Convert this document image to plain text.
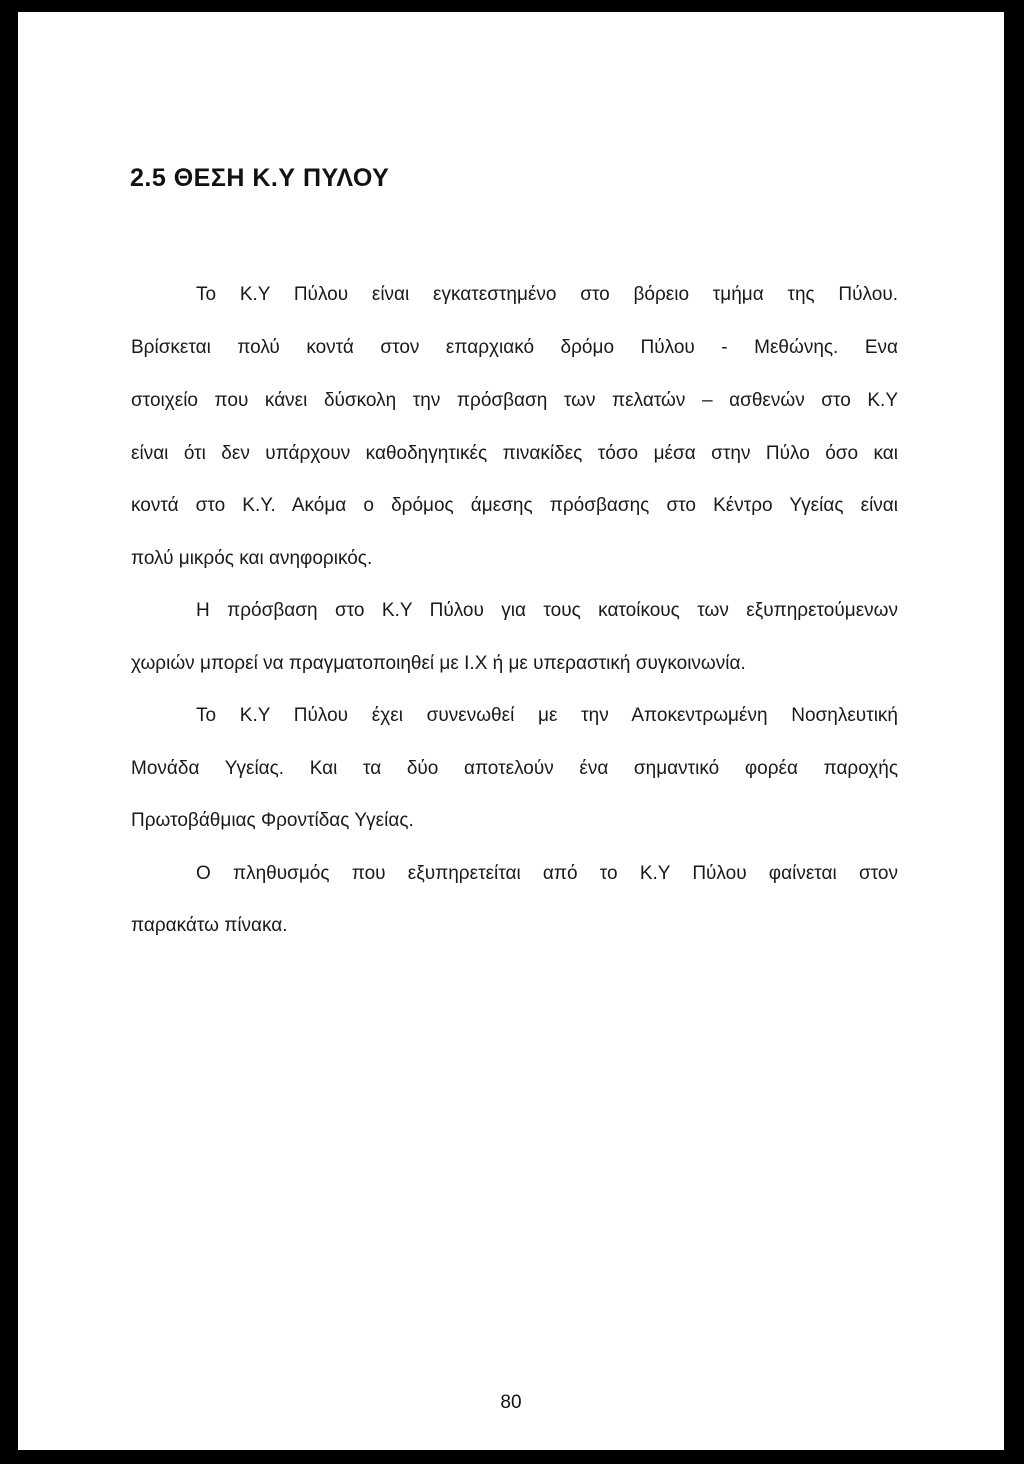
2.5 ΘΕΣΗ Κ.Υ ΠΥΛΟΥ
Το Κ.Υ Πύλου είναι εγκατεστημένο στο βόρειο τμήμα της Πύλου.
Βρίσκεται πολύ κοντά στον επαρχιακό δρόμο Πύλου - Μεθώνης. Ενα
στοιχείο που κάνει δύσκολη την πρόσβαση των πελατών – ασθενών στο Κ.Υ
είναι ότι δεν υπάρχουν καθοδηγητικές πινακίδες τόσο μέσα στην Πύλο όσο και
κοντά στο Κ.Υ. Ακόμα ο δρόμος άμεσης πρόσβασης στο Κέντρο Υγείας είναι
πολύ μικρός και ανηφορικός.
Η πρόσβαση στο Κ.Υ Πύλου για τους κατοίκους των εξυπηρετούμενων
χωριών μπορεί να πραγματοποιηθεί με Ι.Χ ή με υπεραστική συγκοινωνία.
Το Κ.Υ Πύλου έχει συνενωθεί με την Αποκεντρωμένη Νοσηλευτική
Μονάδα Υγείας. Και τα δύο αποτελούν ένα σημαντικό φορέα παροχής
Πρωτοβάθμιας Φροντίδας Υγείας.
Ο πληθυσμός που εξυπηρετείται από το Κ.Υ Πύλου φαίνεται στον
παρακάτω πίνακα.
80
